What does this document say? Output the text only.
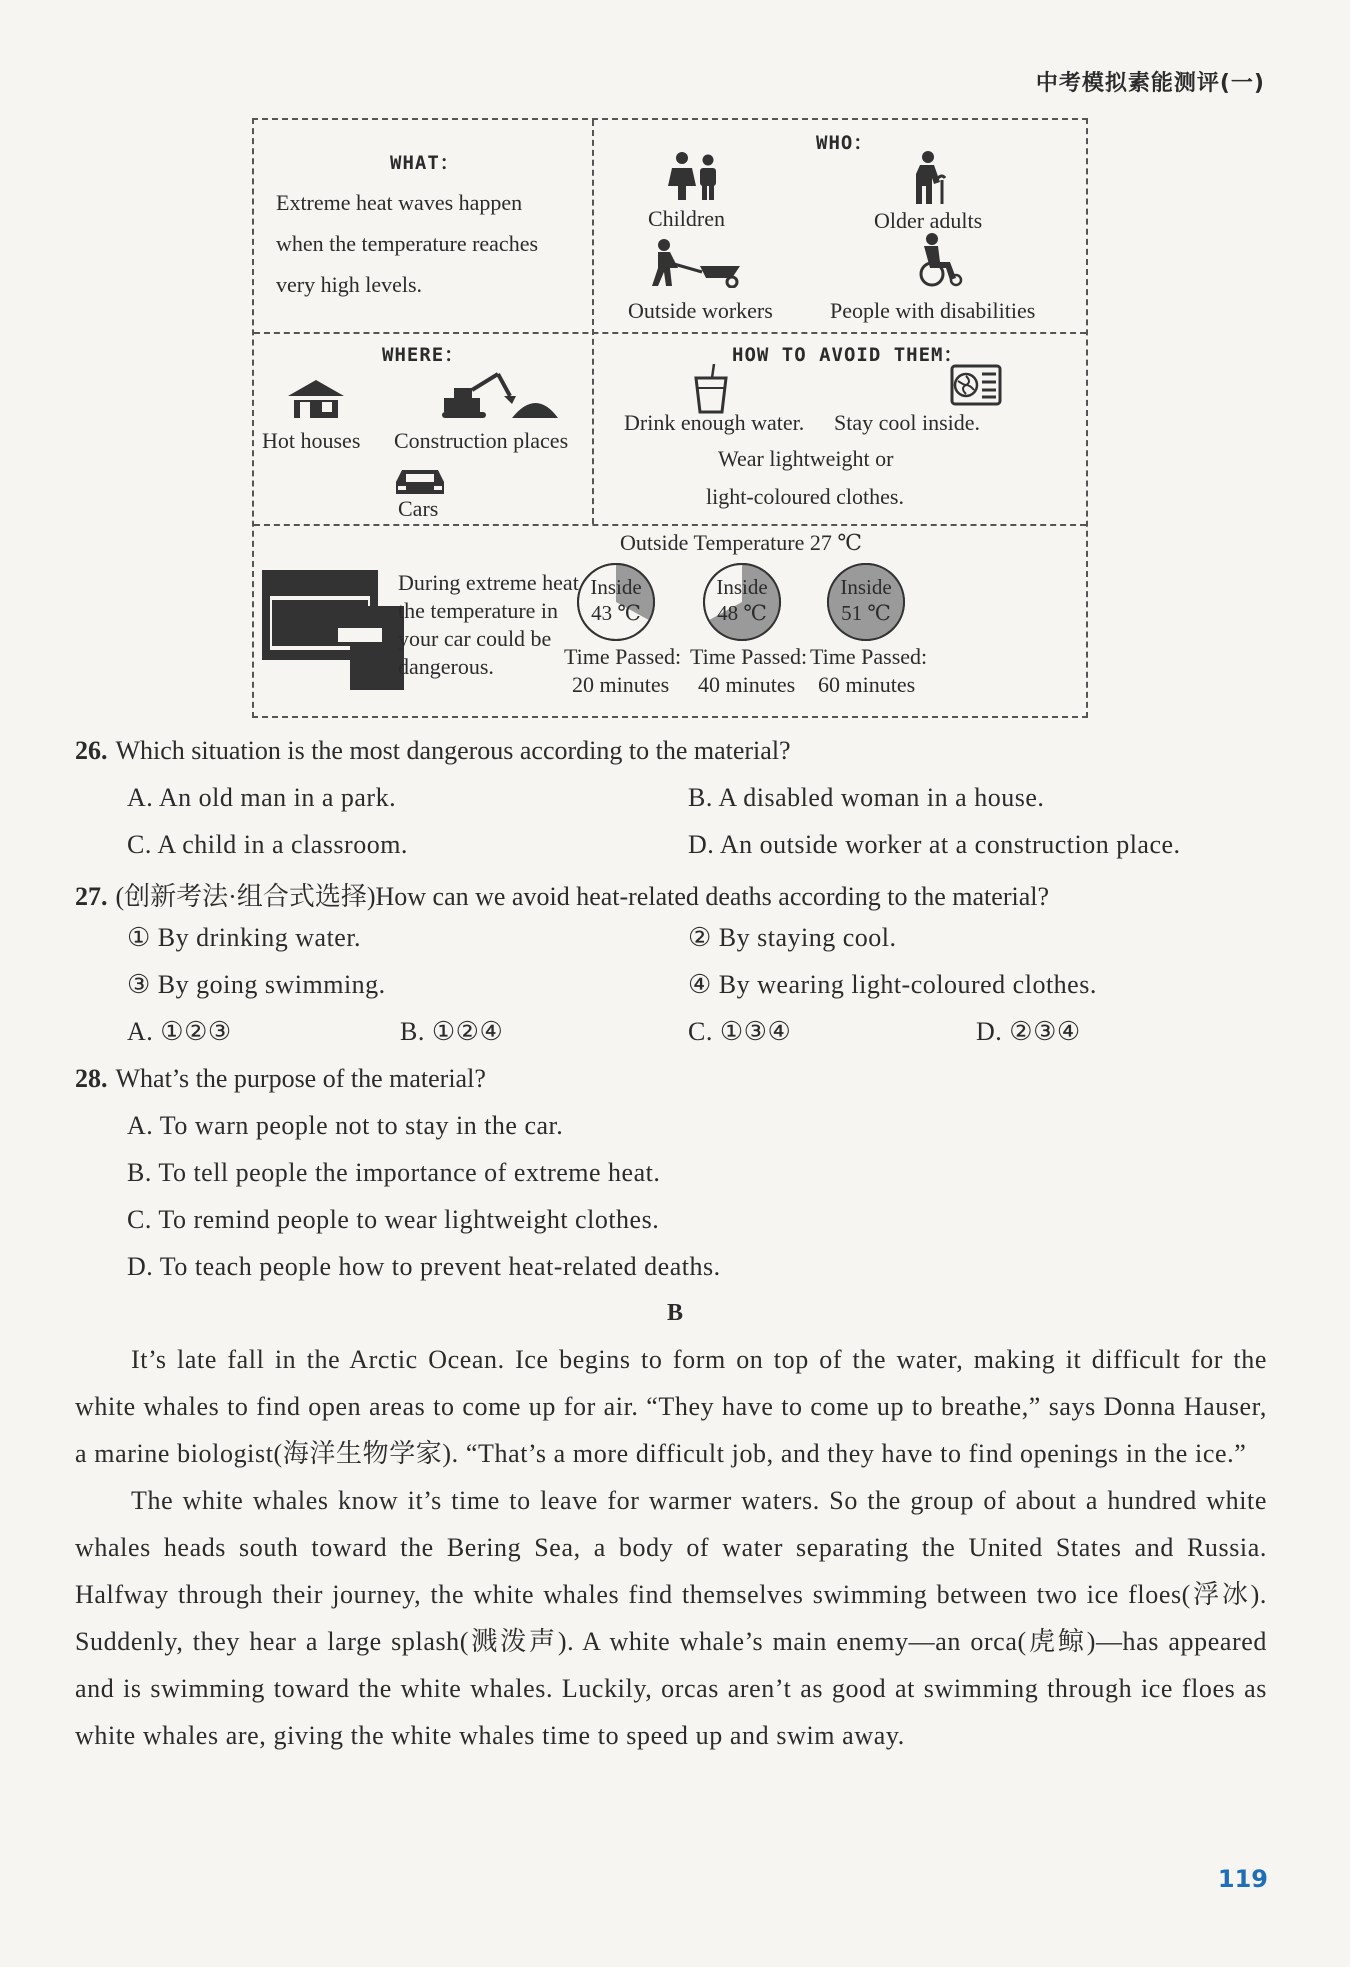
中考模拟素能测评(一)
WHAT：
Extreme heat waves happen
when the temperature reaches
very high levels.
WHO：
Children	Older adults
Outside workers	People with disabilities
WHERE：
Hot houses Construction places
Cars
HOW TO AVOID THEM：
Drink enough water. Stay cool inside.
Wear lightweight or
light-coloured clothes.
Outside Temperature 27 ℃
During extreme heat
the temperature in
your car could be
dangerous.
Inside
43 ℃
Time Passed:
20 minutes
Inside
48 ℃
Time Passed:
40 minutes
Inside
51 ℃
Time Passed:
60 minutes
26. Which situation is the most dangerous according to the material?
A. An old man in a park.	B. A disabled woman in a house.
C. A child in a classroom.	D. An outside worker at a construction place.
27. (创新考法·组合式选择)How can we avoid heat-related deaths according to the material?
① By drinking water.	② By staying cool.
③ By going swimming.	④ By wearing light-coloured clothes.
A. ①②③	B. ①②④	C. ①③④	D. ②③④
28. What’s the purpose of the material?
A. To warn people not to stay in the car.
B. To tell people the importance of extreme heat.
C. To remind people to wear lightweight clothes.
D. To teach people how to prevent heat-related deaths.
B

It’s late fall in the Arctic Ocean. Ice begins to form on top of the water, making it difficult for the white whales to find open areas to come up for air. “They have to come up to breathe,” says Donna Hauser, a marine biologist(海洋生物学家). “That’s a more difficult job, and they have to find openings in the ice.”

The white whales know it’s time to leave for warmer waters. So the group of about a hundred white whales heads south toward the Bering Sea, a body of water separating the United States and Russia. Halfway through their journey, the white whales find themselves swimming between two ice floes(浮冰). Suddenly, they hear a large splash(溅泼声). A white whale’s main enemy—an orca(虎鲸)—has appeared and is swimming toward the white whales. Luckily, orcas aren’t as good at swimming through ice floes as white whales are, giving the white whales time to speed up and swim away.

119
